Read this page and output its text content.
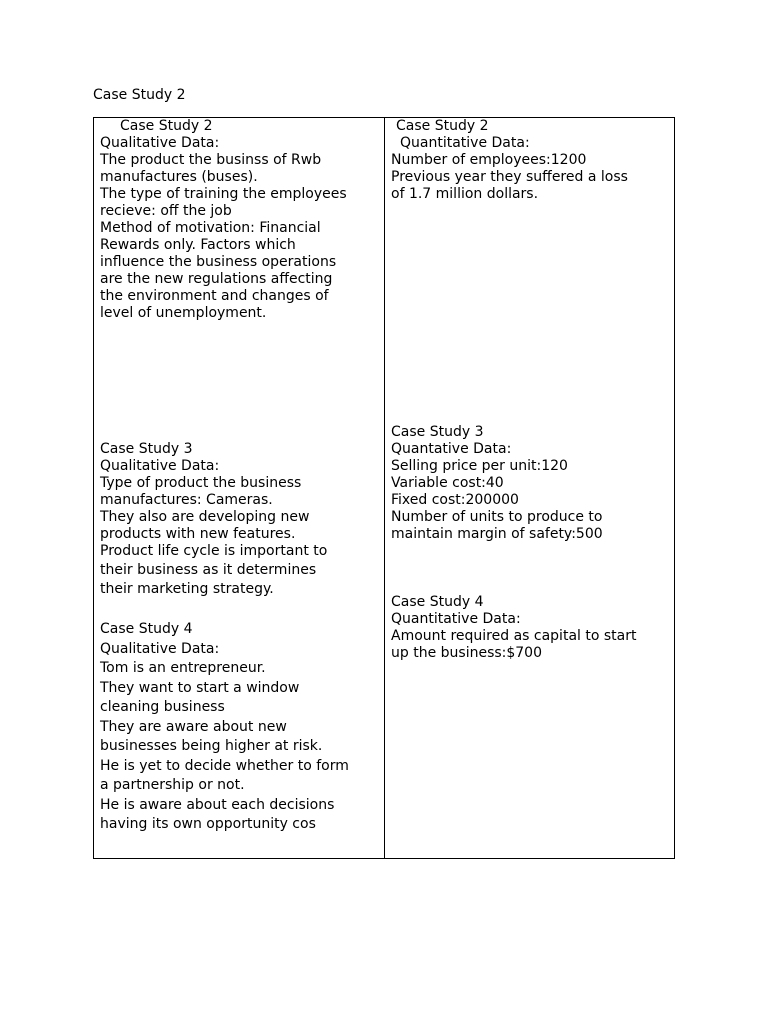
Case Study 2

Case Study 2

Qualitative Data:

The product the businss of Rwb

manufactures (buses).

The type of training the employees

recieve: off the job

Method of motivation: Financial

Rewards only. Factors which

influence the business operations

are the new regulations affecting

the environment and changes of

level of unemployment.

Case Study 3

Qualitative Data:

Type of product the business

manufactures: Cameras.

They also are developing new

products with new features.

Product life cycle is important to

their business as it determines

their marketing strategy.

Case Study 4

Qualitative Data:

Tom is an entrepreneur.

They want to start a window

cleaning business

They are aware about new

businesses being higher at risk.

He is yet to decide whether to form

a partnership or not.

He is aware about each decisions

having its own opportunity cos

Case Study 2

Quantitative Data:

Number of employees:1200

Previous year they suffered a loss

of 1.7 million dollars.

Case Study 3

Quantative Data:

Selling price per unit:120

Variable cost:40

Fixed cost:200000

Number of units to produce to

maintain margin of safety:500

Case Study 4

Quantitative Data:

Amount required as capital to start

up the business:$700
